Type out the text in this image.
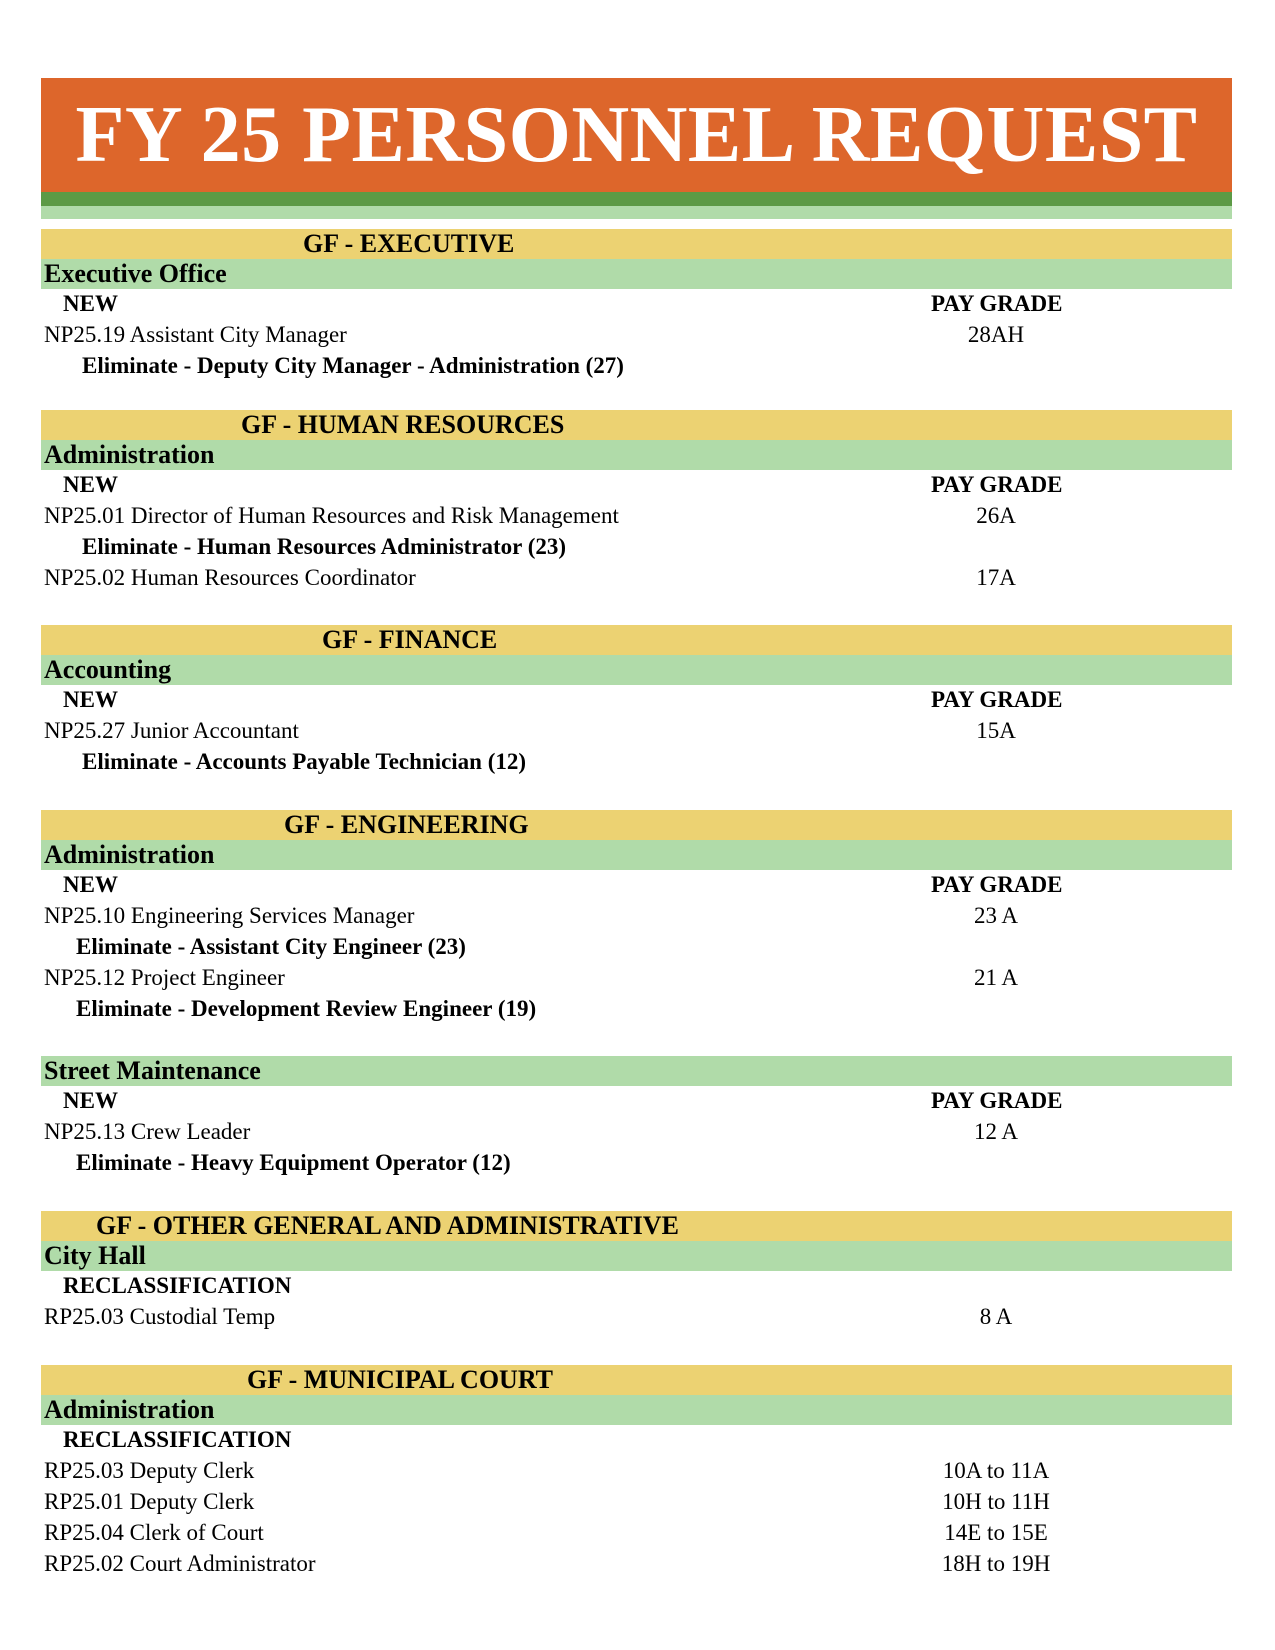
FY 25 PERSONNEL REQUEST
GF - EXECUTIVE
Executive Office
NEW	PAY GRADE
NP25.19 Assistant City Manager	28AH
Eliminate - Deputy City Manager - Administration (27)
GF - HUMAN RESOURCES
Administration
NEW	PAY GRADE
NP25.01 Director of Human Resources and Risk Management	26A
Eliminate - Human Resources Administrator (23)
NP25.02 Human Resources Coordinator	17A
GF - FINANCE
Accounting
NEW	PAY GRADE
NP25.27 Junior Accountant	15A
Eliminate - Accounts Payable Technician (12)
GF - ENGINEERING
Administration
NEW	PAY GRADE
NP25.10 Engineering Services Manager	23 A
Eliminate - Assistant City Engineer (23)
NP25.12 Project Engineer	21 A
Eliminate - Development Review Engineer (19)
Street Maintenance
NEW	PAY GRADE
NP25.13 Crew Leader	12 A
Eliminate - Heavy Equipment Operator (12)
GF - OTHER GENERAL AND ADMINISTRATIVE
City Hall
RECLASSIFICATION
RP25.03 Custodial Temp	8 A
GF - MUNICIPAL COURT
Administration
RECLASSIFICATION
RP25.03 Deputy Clerk	10A to 11A
RP25.01 Deputy Clerk	10H to 11H
RP25.04 Clerk of Court	14E to 15E
RP25.02 Court Administrator	18H to 19H
